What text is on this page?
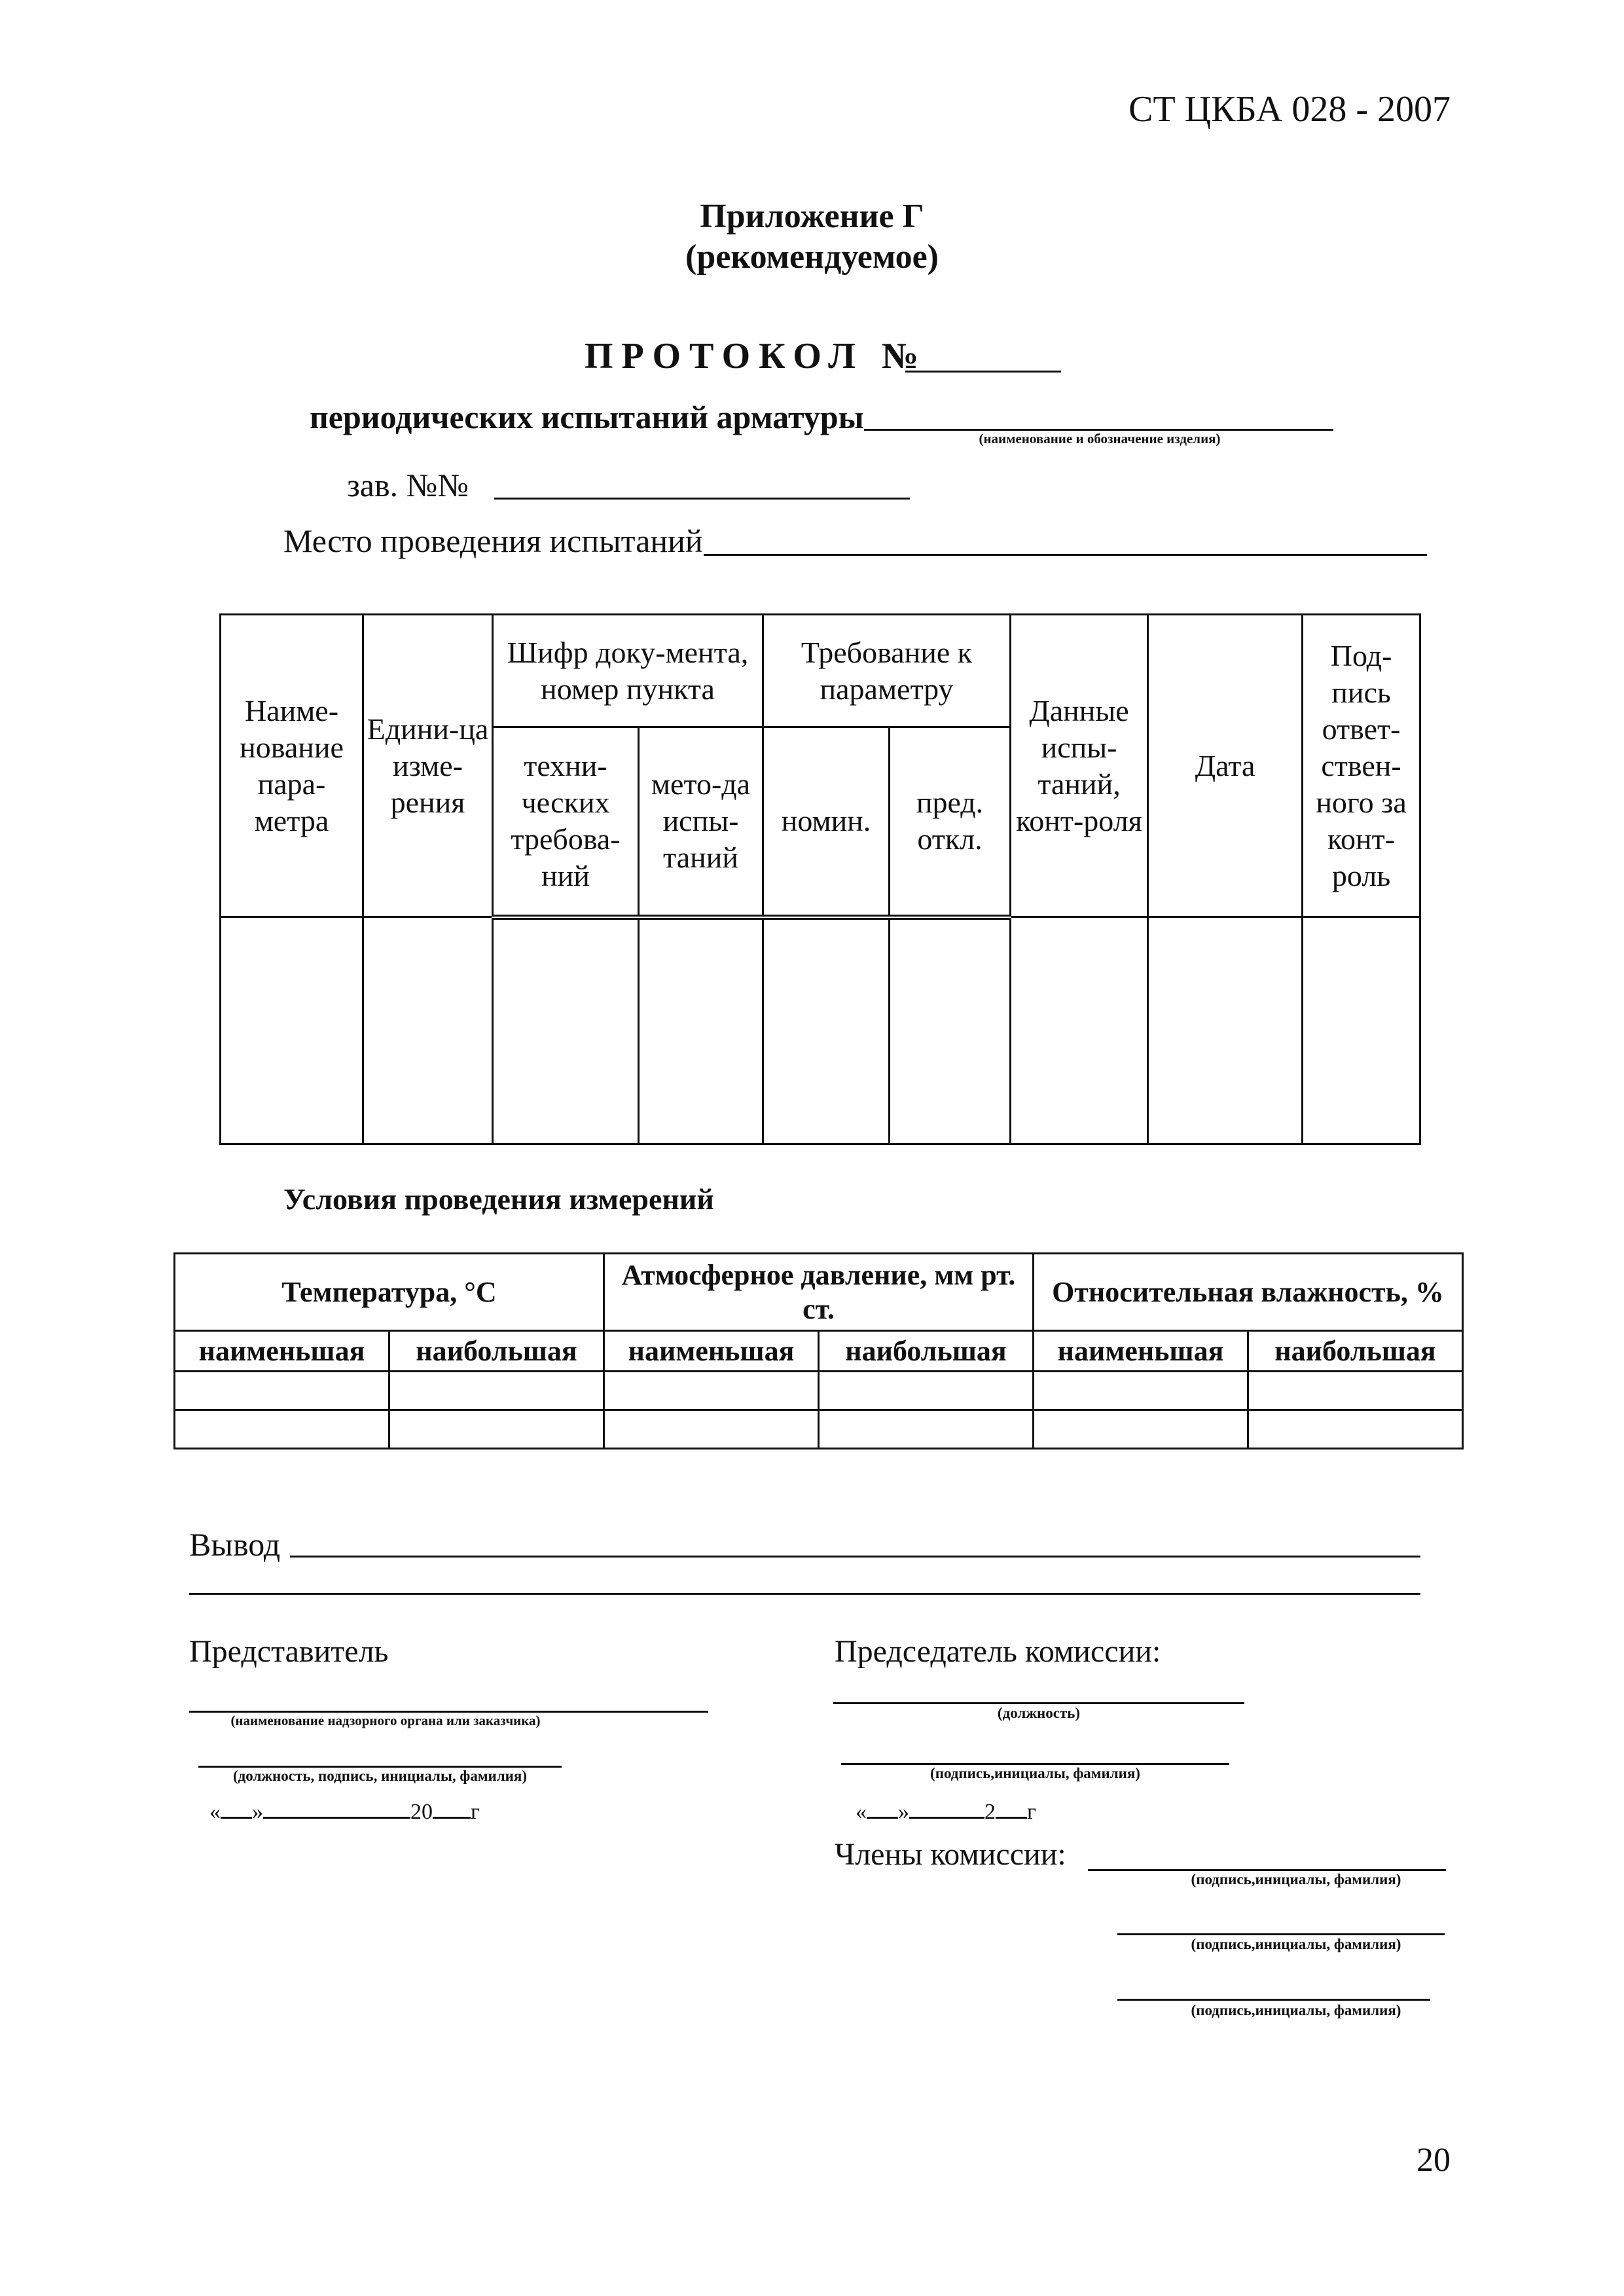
СТ ЦКБА 028 - 2007
Приложение Г
(рекомендуемое)
ПРОТОКОЛ №
периодических испытаний арматуры
(наименование и обозначение изделия)
зав. №№
Место проведения испытаний
Наиме-нование пара-метра	Едини-ца изме-рения	Шифр доку-мента, номер пункта		Требование к параметру		Данные испы-таний, конт-роля	Дата	Под-пись ответ-ствен-ного за конт-роль
		техни-ческих требова-ний	мето-да испы-таний	номин.	пред. откл.			

Условия проведения измерений
Температура, °С		Атмосферное давление, мм рт. ст.		Относительная влажность, %	
наименьшая	наибольшая	наименьшая	наибольшая	наименьшая	наибольшая

Вывод
Представитель
(наименование надзорного органа или заказчика)
(должность, подпись, инициалы, фамилия)
« »	20 г
Председатель комиссии:
(должность)
(подпись,инициалы, фамилия)
« »	2 г
Члены комиссии:
(подпись,инициалы, фамилия)
(подпись,инициалы, фамилия)
(подпись,инициалы, фамилия)
20
